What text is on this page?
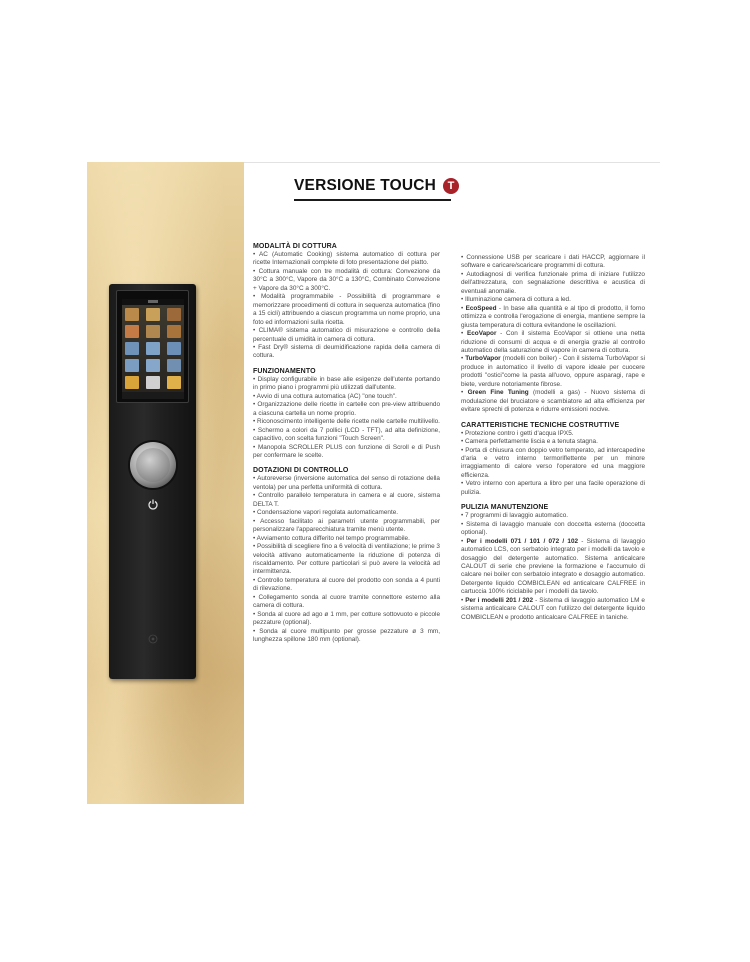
VERSIONE TOUCH	T
MODALITÀ DI COTTURA
• AC (Automatic Cooking) sistema automatico di cottura per ricette Internazionali complete di foto presentazione del piatto.
• Cottura manuale con tre modalità di cottura: Convezione da 30°C a 300°C, Vapore da 30°C a 130°C, Combinato Convezione + Vapore da 30°C a 300°C.
• Modalità programmabile - Possibilità di programmare e memorizzare procedimenti di cottura in sequenza automatica (fino a 15 cicli) attribuendo a ciascun programma un nome proprio, una foto ed informazioni sulla ricetta.
• CLIMA® sistema automatico di misurazione e controllo della percentuale di umidità in camera di cottura.
• Fast Dry® sistema di deumidificazione rapida della camera di cottura.
FUNZIONAMENTO
• Display configurabile in base alle esigenze dell'utente portando in primo piano i programmi più utilizzati dall'utente.
• Avvio di una cottura automatica (AC) "one touch".
• Organizzazione delle ricette in cartelle con pre-view attribuendo a ciascuna cartella un nome proprio.
• Riconoscimento intelligente delle ricette nelle cartelle multilivello.
• Schermo a colori da 7 pollici (LCD - TFT), ad alta definizione, capacitivo, con scelta funzioni "Touch Screen".
• Manopola SCROLLER PLUS con funzione di Scroll e di Push per confermare le scelte.
DOTAZIONI DI CONTROLLO
• Autoreverse (inversione automatica del senso di rotazione della ventola) per una perfetta uniformità di cottura.
• Controllo parallelo temperatura in camera e al cuore, sistema DELTA T.
• Condensazione vapori regolata automaticamente.
• Accesso facilitato ai parametri utente programmabili, per personalizzare l'apparecchiatura tramite menù utente.
• Avviamento cottura differito nel tempo programmabile.
• Possibilità di scegliere fino a 6 velocità di ventilazione; le prime 3 velocità attivano automaticamente la riduzione di potenza di riscaldamento. Per cotture particolari si può avere la velocità ad intermittenza.
• Controllo temperatura al cuore del prodotto con sonda a 4 punti di rilevazione.
• Collegamento sonda al cuore tramite connettore esterno alla camera di cottura.
• Sonda al cuore ad ago ø 1 mm, per cotture sottovuoto e piccole pezzature (optional).
• Sonda al cuore multipunto per grosse pezzature ø 3 mm, lunghezza spillone 180 mm (optional).
• Connessione USB per scaricare i dati HACCP, aggiornare il software e caricare/scaricare programmi di cottura.
• Autodiagnosi di verifica funzionale prima di iniziare l'utilizzo dell'attrezzatura, con segnalazione descrittiva e acustica di eventuali anomalie.
• Illuminazione camera di cottura a led.
• EcoSpeed - In base alla quantità e al tipo di prodotto, il forno ottimizza e controlla l'erogazione di energia, mantiene sempre la giusta temperatura di cottura evitandone le oscillazioni.
• EcoVapor - Con il sistema EcoVapor si ottiene una netta riduzione di consumi di acqua e di energia grazie al controllo automatico della saturazione di vapore in camera di cottura.
• TurboVapor (modelli con boiler) - Con il sistema TurboVapor si produce in automatico il livello di vapore ideale per cuocere prodotti "ostici"come la pasta all'uovo, oppure asparagi, rape e biete, verdure notoriamente fibrose.
• Green Fine Tuning (modelli a gas) - Nuovo sistema di modulazione del bruciatore e scambiatore ad alta efficienza per evitare sprechi di potenza e ridurre emissioni nocive.
CARATTERISTICHE TECNICHE COSTRUTTIVE
• Protezione contro i getti d'acqua IPX5.
• Camera perfettamente liscia e a tenuta stagna.
• Porta di chiusura con doppio vetro temperato, ad intercapedine d'aria e vetro interno termoriflettente per un minore irraggiamento di calore verso l'operatore ed una maggiore efficienza.
• Vetro interno con apertura a libro per una facile operazione di pulizia.
PULIZIA MANUTENZIONE
• 7 programmi di lavaggio automatico.
• Sistema di lavaggio manuale con doccetta esterna (doccetta optional).
• Per i modelli 071 / 101 / 072 / 102 - Sistema di lavaggio automatico LCS, con serbatoio integrato per i modelli da tavolo e dosaggio del detergente automatico. Sistema anticalcare CALOUT di serie che previene la formazione e l'accumulo di calcare nei boiler con serbatoio integrato e dosaggio automatico. Detergente liquido COMBICLEAN ed anticalcare CALFREE in cartuccia 100% riciclabile per i modelli da tavolo.
• Per i modelli 201 / 202 - Sistema di lavaggio automatico LM e sistema anticalcare CALOUT con l'utilizzo del detergente liquido COMBICLEAN e prodotto anticalcare CALFREE in taniche.
